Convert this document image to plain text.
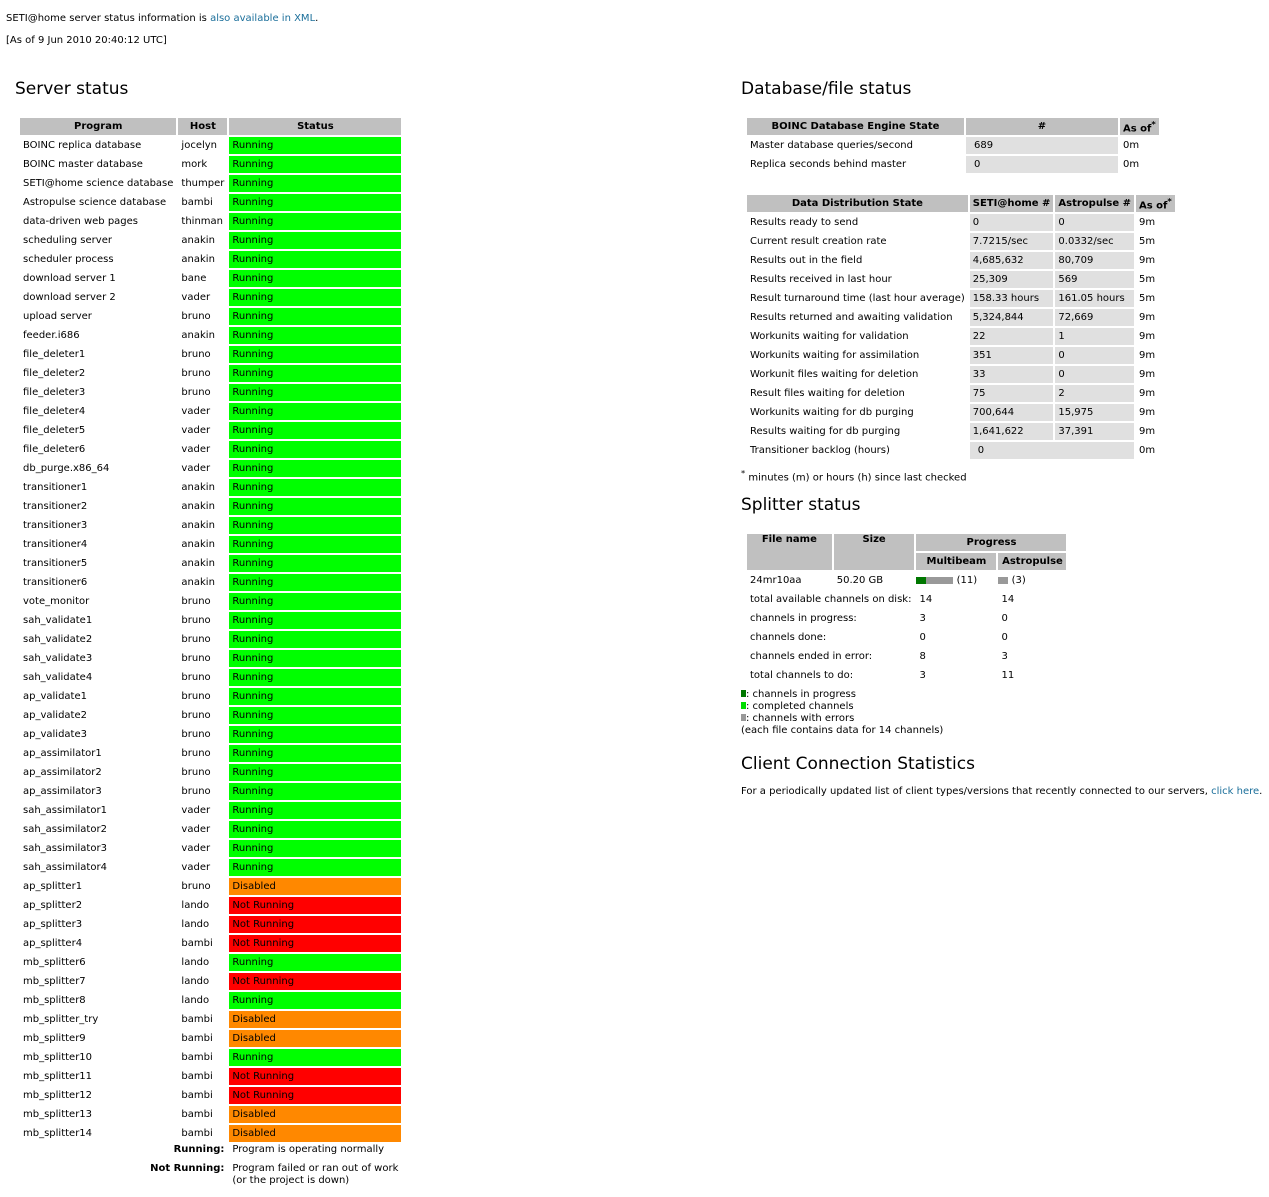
SETI@home server status information is also available in XML.
[As of 9 Jun 2010 20:40:12 UTC]
Server status
Program	Host	Status
BOINC replica database	jocelyn	Running
BOINC master database	mork	Running
SETI@home science database	thumper	Running
Astropulse science database	bambi	Running
data-driven web pages	thinman	Running
scheduling server	anakin	Running
scheduler process	anakin	Running
download server 1	bane	Running
download server 2	vader	Running
upload server	bruno	Running
feeder.i686	anakin	Running
file_deleter1	bruno	Running
file_deleter2	bruno	Running
file_deleter3	bruno	Running
file_deleter4	vader	Running
file_deleter5	vader	Running
file_deleter6	vader	Running
db_purge.x86_64	vader	Running
transitioner1	anakin	Running
transitioner2	anakin	Running
transitioner3	anakin	Running
transitioner4	anakin	Running
transitioner5	anakin	Running
transitioner6	anakin	Running
vote_monitor	bruno	Running
sah_validate1	bruno	Running
sah_validate2	bruno	Running
sah_validate3	bruno	Running
sah_validate4	bruno	Running
ap_validate1	bruno	Running
ap_validate2	bruno	Running
ap_validate3	bruno	Running
ap_assimilator1	bruno	Running
ap_assimilator2	bruno	Running
ap_assimilator3	bruno	Running
sah_assimilator1	vader	Running
sah_assimilator2	vader	Running
sah_assimilator3	vader	Running
sah_assimilator4	vader	Running
ap_splitter1	bruno	Disabled
ap_splitter2	lando	Not Running
ap_splitter3	lando	Not Running
ap_splitter4	bambi	Not Running
mb_splitter6	lando	Running
mb_splitter7	lando	Not Running
mb_splitter8	lando	Running
mb_splitter_try	bambi	Disabled
mb_splitter9	bambi	Disabled
mb_splitter10	bambi	Running
mb_splitter11	bambi	Not Running
mb_splitter12	bambi	Not Running
mb_splitter13	bambi	Disabled
mb_splitter14	bambi	Disabled
Running:		Program is operating normally

Not Running:		Program failed or ran out of work
(or the project is down)
Database/file status
BOINC Database Engine State	#	As of*
Master database queries/second	689	0m
Replica seconds behind master	0	0m
Data Distribution State	SETI@home #	Astropulse #	As of*
Results ready to send	0	0	9m
Current result creation rate	7.7215/sec	0.0332/sec	5m
Results out in the field	4,685,632	80,709	9m
Results received in last hour	25,309	569	5m
Result turnaround time (last hour average)	158.33 hours	161.05 hours	5m
Results returned and awaiting validation	5,324,844	72,669	9m
Workunits waiting for validation	22	1	9m
Workunits waiting for assimilation	351	0	9m
Workunit files waiting for deletion	33	0	9m
Result files waiting for deletion	75	2	9m
Workunits waiting for db purging	700,644	15,975	9m
Results waiting for db purging	1,641,622	37,391	9m
Transitioner backlog (hours)	0		0m
* minutes (m) or hours (h) since last checked
Splitter status
File name	Size	Progress	
		Multibeam	Astropulse
24mr10aa	50.20 GB	(11)	(3)
total available channels on disk:		14	14
channels in progress:		3	0
channels done:		0	0
channels ended in error:		8	3
total channels to do:		3	11
: channels in progress
: completed channels
: channels with errors
(each file contains data for 14 channels)
Client Connection Statistics
For a periodically updated list of client types/versions that recently connected to our servers, click here.
